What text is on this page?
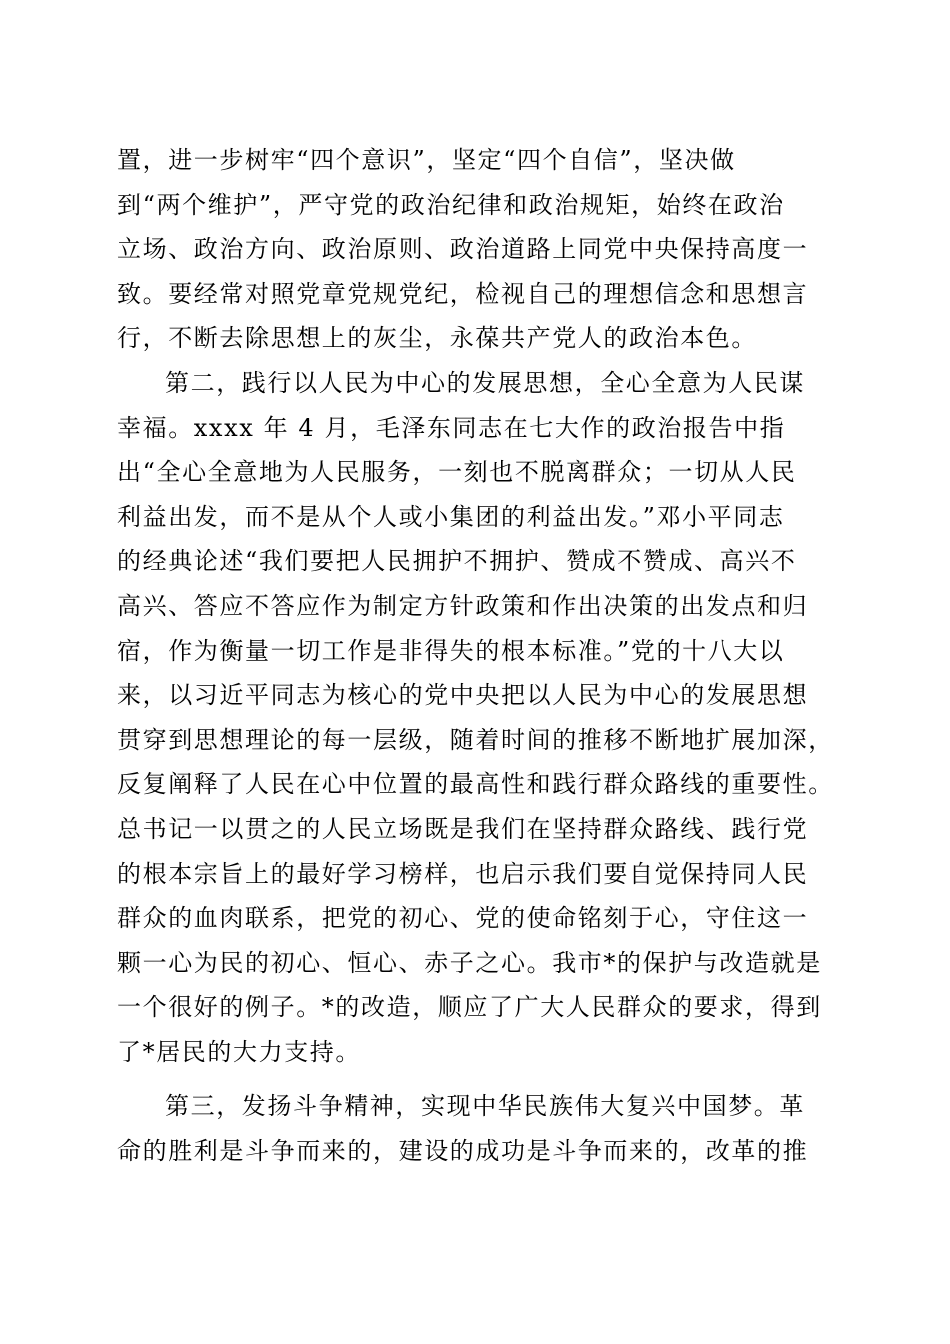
置，进一步树牢“四个意识”，坚定“四个自信”，坚决做
到“两个维护”，严守党的政治纪律和政治规矩，始终在政治
立场、政治方向、政治原则、政治道路上同党中央保持高度一
致。要经常对照党章党规党纪，检视自己的理想信念和思想言
行，不断去除思想上的灰尘，永葆共产党人的政治本色。
第二，践行以人民为中心的发展思想，全心全意为人民谋
幸福。xxxx 年 4 月，毛泽东同志在七大作的政治报告中指
出“全心全意地为人民服务，一刻也不脱离群众；一切从人民
利益出发，而不是从个人或小集团的利益出发。”邓小平同志
的经典论述“我们要把人民拥护不拥护、赞成不赞成、高兴不
高兴、答应不答应作为制定方针政策和作出决策的出发点和归
宿，作为衡量一切工作是非得失的根本标准。”党的十八大以
来，以习近平同志为核心的党中央把以人民为中心的发展思想
贯穿到思想理论的每一层级，随着时间的推移不断地扩展加深，
反复阐释了人民在心中位置的最高性和践行群众路线的重要性。
总书记一以贯之的人民立场既是我们在坚持群众路线、践行党
的根本宗旨上的最好学习榜样，也启示我们要自觉保持同人民
群众的血肉联系，把党的初心、党的使命铭刻于心，守住这一
颗一心为民的初心、恒心、赤子之心。我市*的保护与改造就是
一个很好的例子。*的改造，顺应了广大人民群众的要求，得到
了*居民的大力支持。
第三，发扬斗争精神，实现中华民族伟大复兴中国梦。革
命的胜利是斗争而来的，建设的成功是斗争而来的，改革的推
